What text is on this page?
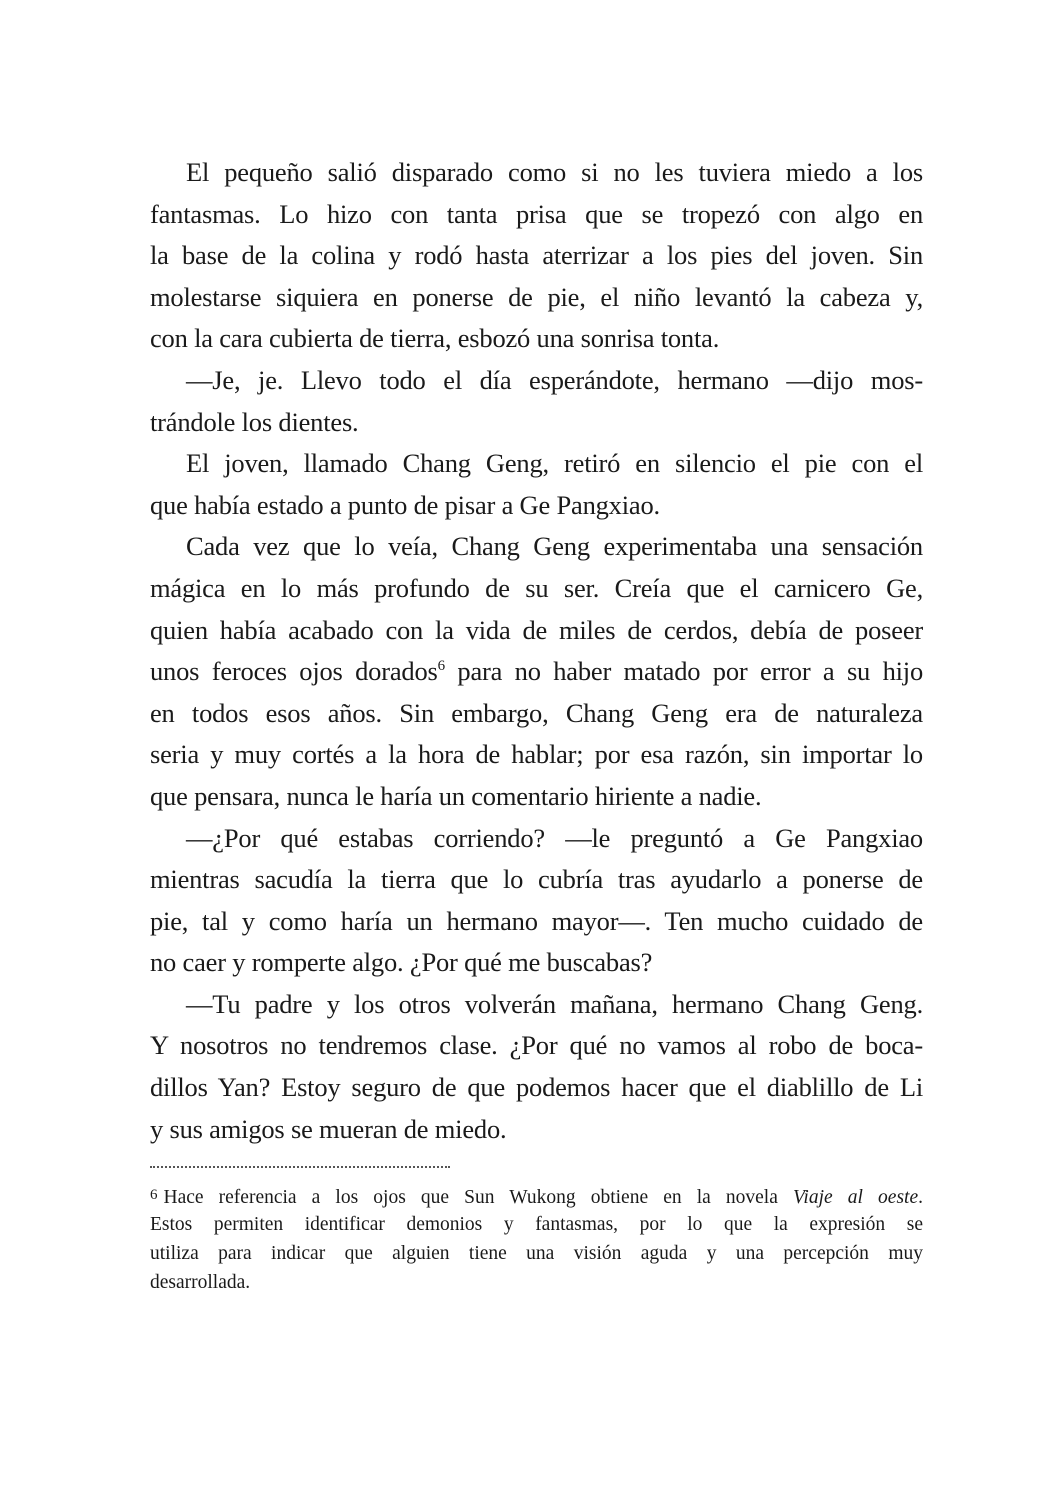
El pequeño salió disparado como si no les tuviera miedo a los
fantasmas. Lo hizo con tanta prisa que se tropezó con algo en
la base de la colina y rodó hasta aterrizar a los pies del joven. Sin
molestarse siquiera en ponerse de pie, el niño levantó la cabeza y,
con la cara cubierta de tierra, esbozó una sonrisa tonta.
—Je, je. Llevo todo el día esperándote, hermano —dijo mos-
trándole los dientes.
El joven, llamado Chang Geng, retiró en silencio el pie con el
que había estado a punto de pisar a Ge Pangxiao.
Cada vez que lo veía, Chang Geng experimentaba una sensación
mágica en lo más profundo de su ser. Creía que el carnicero Ge,
quien había acabado con la vida de miles de cerdos, debía de poseer
unos feroces ojos dorados$^6$ para no haber matado por error a su hijo
en todos esos años. Sin embargo, Chang Geng era de naturaleza
seria y muy cortés a la hora de hablar; por esa razón, sin importar lo
que pensara, nunca le haría un comentario hiriente a nadie.
—¿Por qué estabas corriendo? —le preguntó a Ge Pangxiao
mientras sacudía la tierra que lo cubría tras ayudarlo a ponerse de
pie, tal y como haría un hermano mayor—. Ten mucho cuidado de
no caer y romperte algo. ¿Por qué me buscabas?
—Tu padre y los otros volverán mañana, hermano Chang Geng.
Y nosotros no tendremos clase. ¿Por qué no vamos al robo de boca-
dillos Yan? Estoy seguro de que podemos hacer que el diablillo de Li
y sus amigos se mueran de miedo.
$^6$ Hace referencia a los ojos que Sun Wukong obtiene en la novela Viaje al oeste.
Estos permiten identificar demonios y fantasmas, por lo que la expresión se
utiliza para indicar que alguien tiene una visión aguda y una percepción muy
desarrollada.
